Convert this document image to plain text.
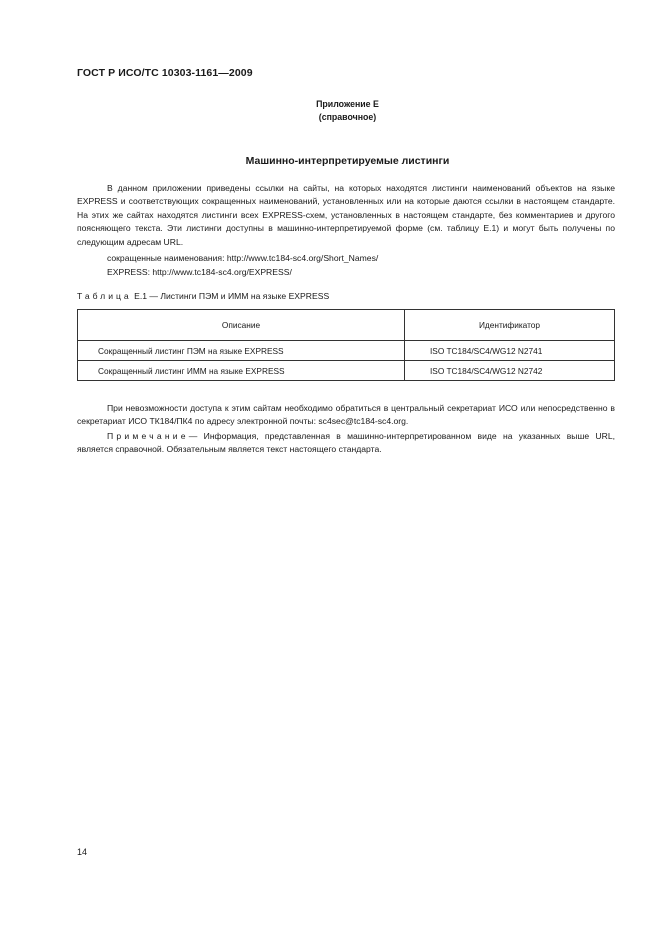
ГОСТ Р ИСО/ТС 10303-1161—2009
Приложение Е
(справочное)
Машинно-интерпретируемые листинги

В данном приложении приведены ссылки на сайты, на которых находятся листинги наименований объектов на языке EXPRESS и соответствующих сокращенных наименований, установленных или на которые даются ссылки в настоящем стандарте. На этих же сайтах находятся листинги всех EXPRESS-схем, установленных в настоящем стандарте, без комментариев и другого поясняющего текста. Эти листинги доступны в машинно-интерпретируемой форме (см. таблицу Е.1) и могут быть получены по следующим адресам URL.

сокращенные наименования: http://www.tc184-sc4.org/Short_Names/
EXPRESS: http://www.tc184-sc4.org/EXPRESS/
Таблица Е.1 — Листинги ПЭМ и ИММ на языке EXPRESS
Описание	Идентификатор
Сокращенный листинг ПЭМ на языке EXPRESS	ISO TC184/SC4/WG12 N2741
Сокращенный листинг ИММ на языке EXPRESS	ISO TC184/SC4/WG12 N2742

При невозможности доступа к этим сайтам необходимо обратиться в центральный секретариат ИСО или непосредственно в секретариат ИСО ТК184/ПК4 по адресу электронной почты: sc4sec@tc184-sc4.org.

Примечание— Информация, представленная в машинно-интерпретированном виде на указанных выше URL, является справочной. Обязательным является текст настоящего стандарта.

14
